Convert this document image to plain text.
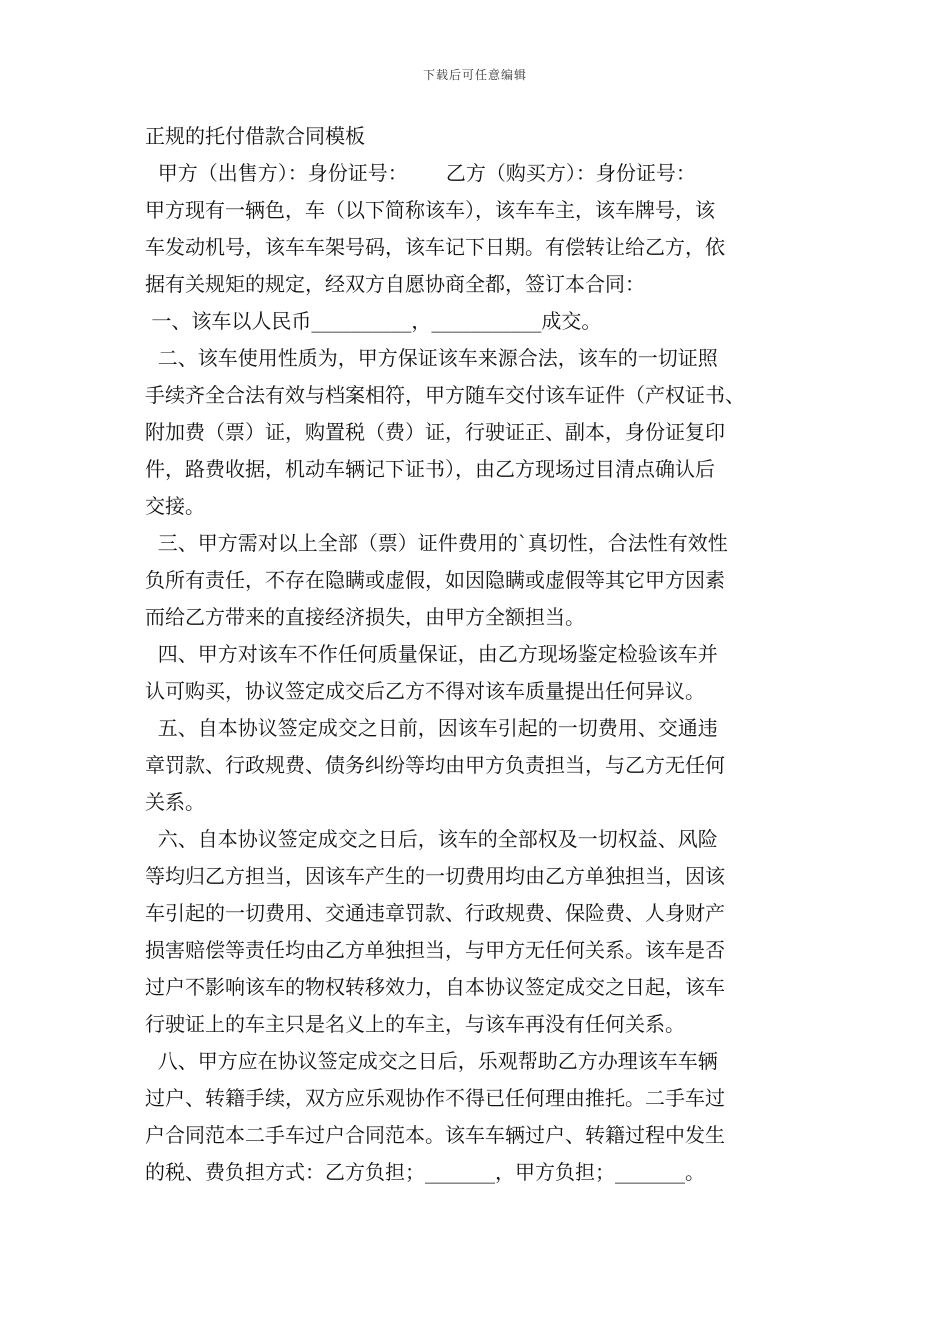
下载后可任意编辑
正规的托付借款合同模板
甲方（出售方）：身份证号：      乙方（购买方）：身份证号：
甲方现有一辆色，车（以下简称该车），该车车主，该车牌号，该
车发动机号，该车车架号码，该车记下日期。有偿转让给乙方，依
据有关规矩的规定，经双方自愿协商全都，签订本合同：
一、该车以人民币__________，___________成交。
二、该车使用性质为，甲方保证该车来源合法，该车的一切证照
手续齐全合法有效与档案相符，甲方随车交付该车证件（产权证书、
附加费（票）证，购置税（费）证，行驶证正、副本，身份证复印
件，路费收据，机动车辆记下证书），由乙方现场过目清点确认后
交接。
三、甲方需对以上全部（票）证件费用的`真切性，合法性有效性
负所有责任，不存在隐瞒或虚假，如因隐瞒或虚假等其它甲方因素
而给乙方带来的直接经济损失，由甲方全额担当。
四、甲方对该车不作任何质量保证，由乙方现场鉴定检验该车并
认可购买，协议签定成交后乙方不得对该车质量提出任何异议。
五、自本协议签定成交之日前，因该车引起的一切费用、交通违
章罚款、行政规费、债务纠纷等均由甲方负责担当，与乙方无任何
关系。
六、自本协议签定成交之日后，该车的全部权及一切权益、风险
等均归乙方担当，因该车产生的一切费用均由乙方单独担当，因该
车引起的一切费用、交通违章罚款、行政规费、保险费、人身财产
损害赔偿等责任均由乙方单独担当，与甲方无任何关系。该车是否
过户不影响该车的物权转移效力，自本协议签定成交之日起，该车
行驶证上的车主只是名义上的车主，与该车再没有任何关系。
八、甲方应在协议签定成交之日后，乐观帮助乙方办理该车车辆
过户、转籍手续，双方应乐观协作不得已任何理由推托。二手车过
户合同范本二手车过户合同范本。该车车辆过户、转籍过程中发生
的税、费负担方式：乙方负担；_______，甲方负担；_______。
